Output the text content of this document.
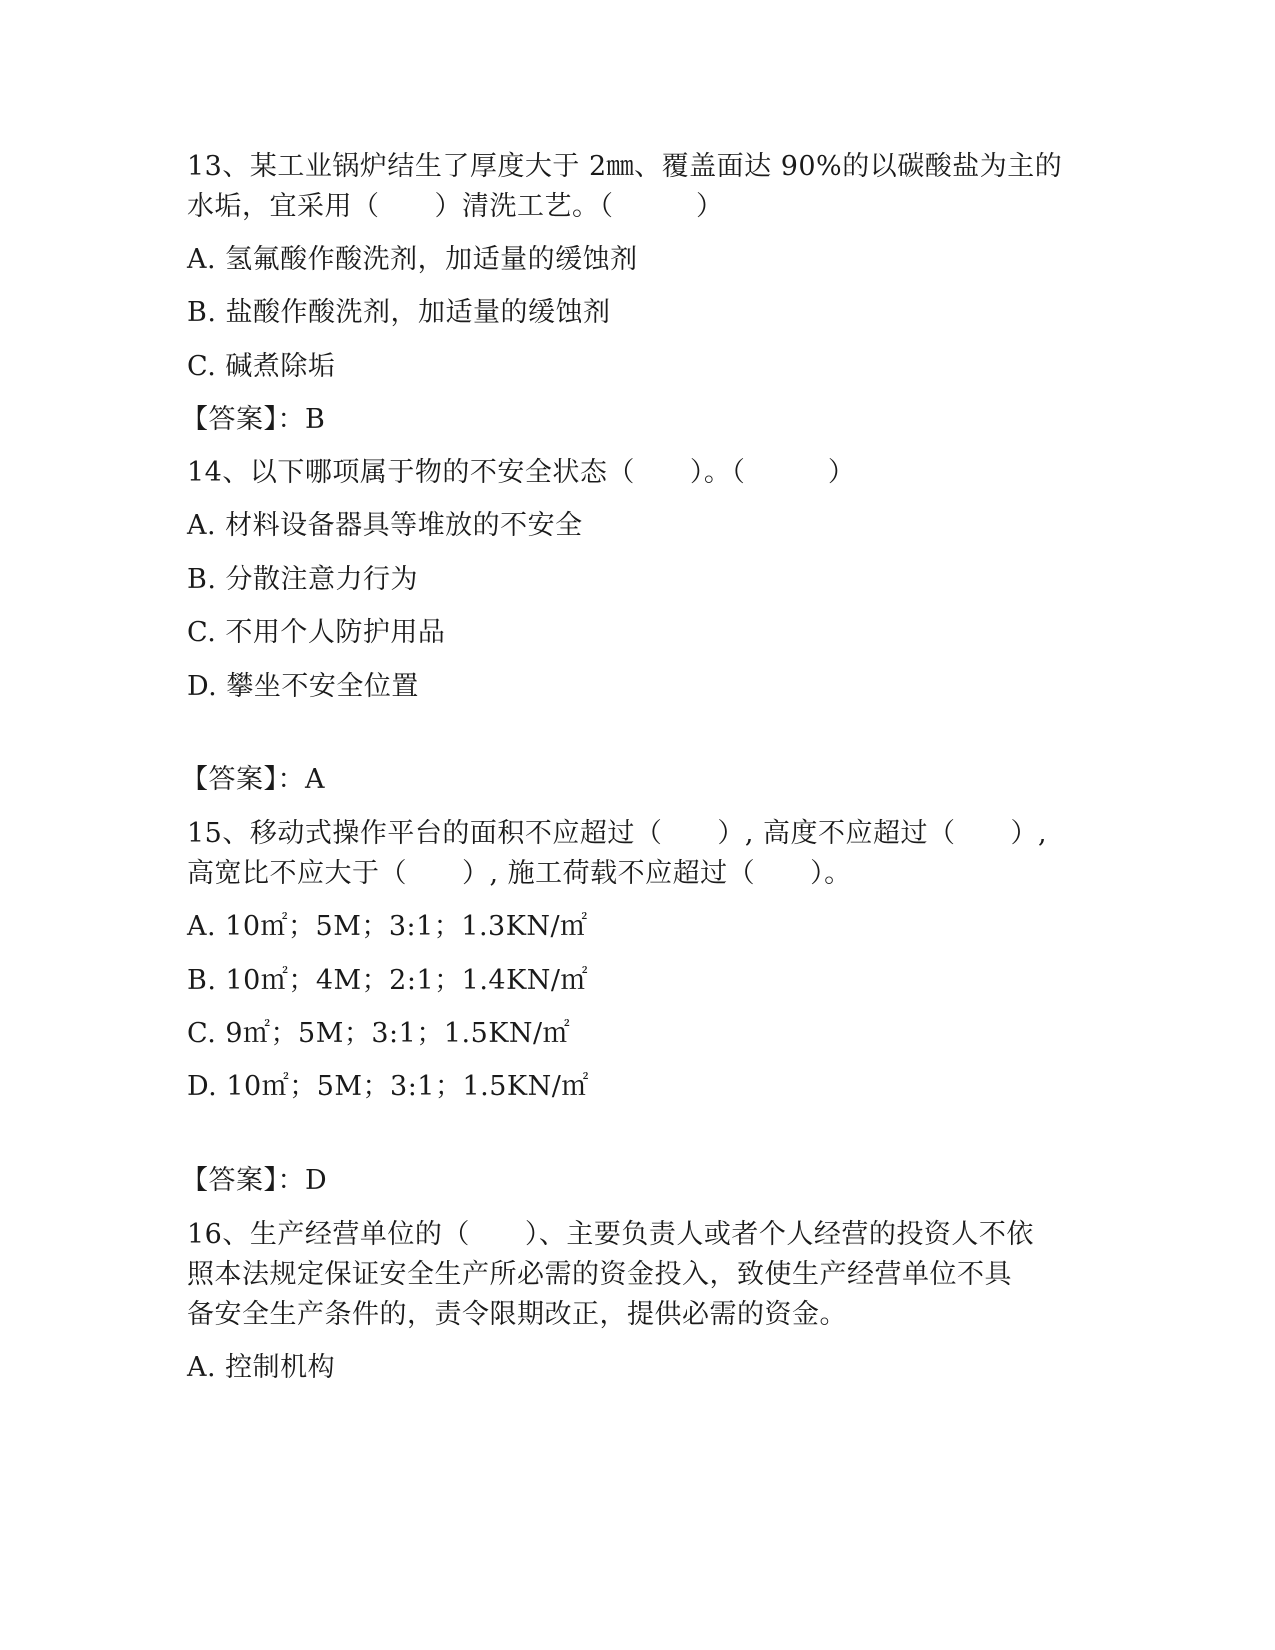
13、某工业锅炉结生了厚度大于 2㎜、覆盖面达 90%的以碳酸盐为主的
水垢，宜采用（　　）清洗工艺。（　　　）
A. 氢氟酸作酸洗剂，加适量的缓蚀剂
B. 盐酸作酸洗剂，加适量的缓蚀剂
C. 碱煮除垢
【答案】：B
14、以下哪项属于物的不安全状态（　　）。（　　　）
A. 材料设备器具等堆放的不安全
B. 分散注意力行为
C. 不用个人防护用品
D. 攀坐不安全位置
【答案】：A
15、移动式操作平台的面积不应超过（　　）, 高度不应超过（　　）,
高宽比不应大于（　　）, 施工荷载不应超过（　　）。
A. 10㎡；5M；3:1；1.3KN/㎡
B. 10㎡；4M；2:1；1.4KN/㎡
C. 9㎡；5M；3:1；1.5KN/㎡
D. 10㎡；5M；3:1；1.5KN/㎡
【答案】：D
16、生产经营单位的（　　）、主要负责人或者个人经营的投资人不依
照本法规定保证安全生产所必需的资金投入，致使生产经营单位不具
备安全生产条件的，责令限期改正，提供必需的资金。
A. 控制机构
